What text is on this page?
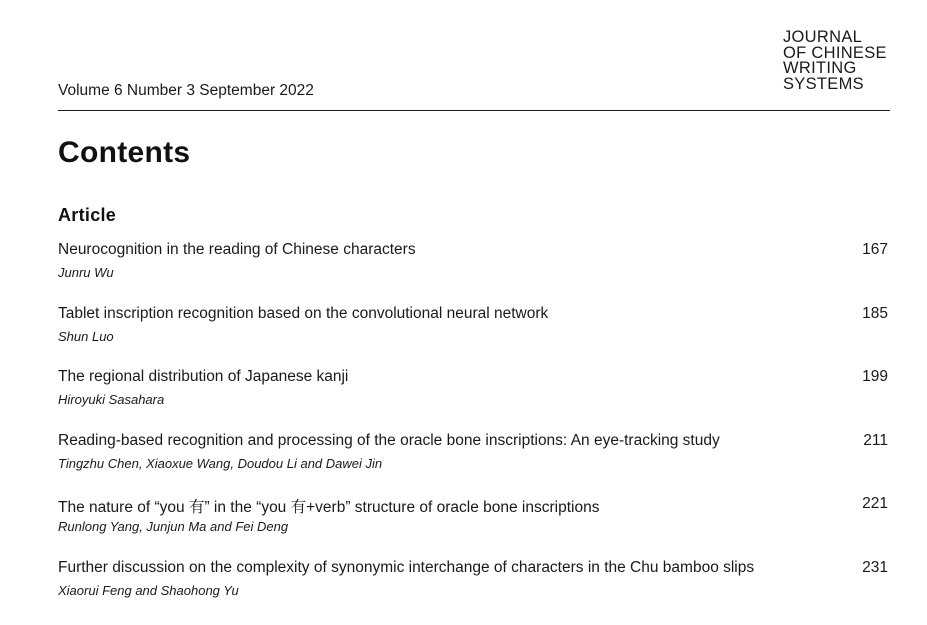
JOURNAL
OF CHINESE
WRITING
SYSTEMS
Volume 6 Number 3 September 2022
Contents
Article
Neurocognition in the reading of Chinese characters
Junru Wu
167
Tablet inscription recognition based on the convolutional neural network
Shun Luo
185
The regional distribution of Japanese kanji
Hiroyuki Sasahara
199
Reading-based recognition and processing of the oracle bone inscriptions: An eye-tracking study
Tingzhu Chen, Xiaoxue Wang, Doudou Li and Dawei Jin
211
The nature of “you 有” in the “you 有+verb” structure of oracle bone inscriptions
Runlong Yang, Junjun Ma and Fei Deng
221
Further discussion on the complexity of synonymic interchange of characters in the Chu bamboo slips
Xiaorui Feng and Shaohong Yu
231
